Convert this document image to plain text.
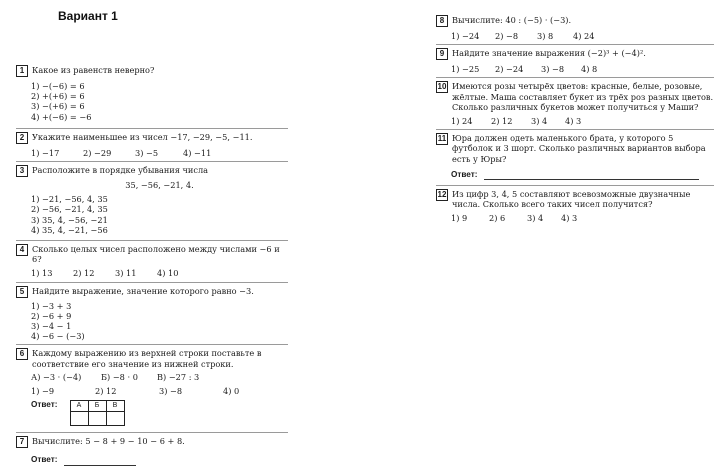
Вариант 1
1 Какое из равенств неверно?
1) −(−6) = 6
2) +(+6) = 6
3) −(+6) = 6
4) +(−6) = −6
2 Укажите наименьшее из чисел −17, −29, −5, −11.
1) −17	2) −29	3) −5	4) −11
3 Расположите в порядке убывания числа
35, −56, −21, 4.
1) −21, −56, 4, 35
2) −56, −21, 4, 35
3) 35, 4, −56, −21
4) 35, 4, −21, −56
4 Сколько целых чисел расположено между числами −6 и 6?
1) 13	2) 12	3) 11	4) 10
5 Найдите выражение, значение которого равно −3.
1) −3 + 3
2) −6 + 9
3) −4 − 1
4) −6 − (−3)
6 Каждому выражению из верхней строки поставьте в соответствие его значение из нижней строки.
А) −3 · (−4)	Б) −8 · 0	В) −27 : 3
1) −9	2) 12	3) −8	4) 0
Ответ:	А	Б	В

7 Вычислите: 5 − 8 + 9 − 10 − 6 + 8.
Ответ:
8 Вычислите: 40 : (−5) · (−3).
1) −24	2) −8	3) 8	4) 24
9 Найдите значение выражения (−2)³ + (−4)².
1) −25	2) −24	3) −8	4) 8
10 Имеются розы четырёх цветов: красные, белые, розовые, жёлтые. Маша составляет букет из трёх роз разных цветов. Сколько различных букетов может получиться у Маши?
1) 24	2) 12	3) 4	4) 3
11 Юра должен одеть маленького брата, у которого 5 футболок и 3 шорт. Сколько различных вариантов выбора есть у Юры?
Ответ:
12 Из цифр 3, 4, 5 составляют всевозможные двузначные числа. Сколько всего таких чисел получится?
1) 9	2) 6	3) 4	4) 3
